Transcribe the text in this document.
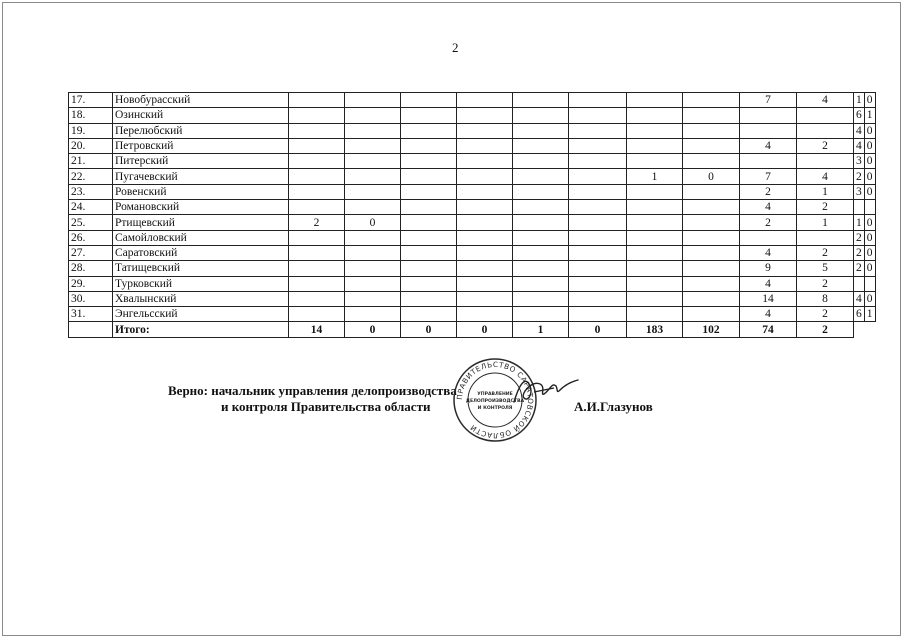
2
17.	Новобурасский									7	4	1	0
18.	Озинский											6	1
19.	Перелюбский											4	0
20.	Петровский									4	2	4	0
21.	Питерский											3	0
22.	Пугачевский							1	0	7	4	2	0
23.	Ровенский									2	1	3	0
24.	Романовский									4	2		
25.	Ртищевский	2	0							2	1	1	0
26.	Самойловский											2	0
27.	Саратовский									4	2	2	0
28.	Татищевский									9	5	2	0
29.	Турковский									4	2		
30.	Хвалынский									14	8	4	0
31.	Энгельсский									4	2	6	1
	Итого:	14	0	0	0	1	0	183	102	74	2		
Верно: начальник управления делопроизводства
и контроля Правительства области	А.И.Глазунов
ПРАВИТЕЛЬСТВО САРАТОВСКОЙ ОБЛАСТИ
УПРАВЛЕНИЕ
ДЕЛОПРОИЗВОДСТВА
И КОНТРОЛЯ
